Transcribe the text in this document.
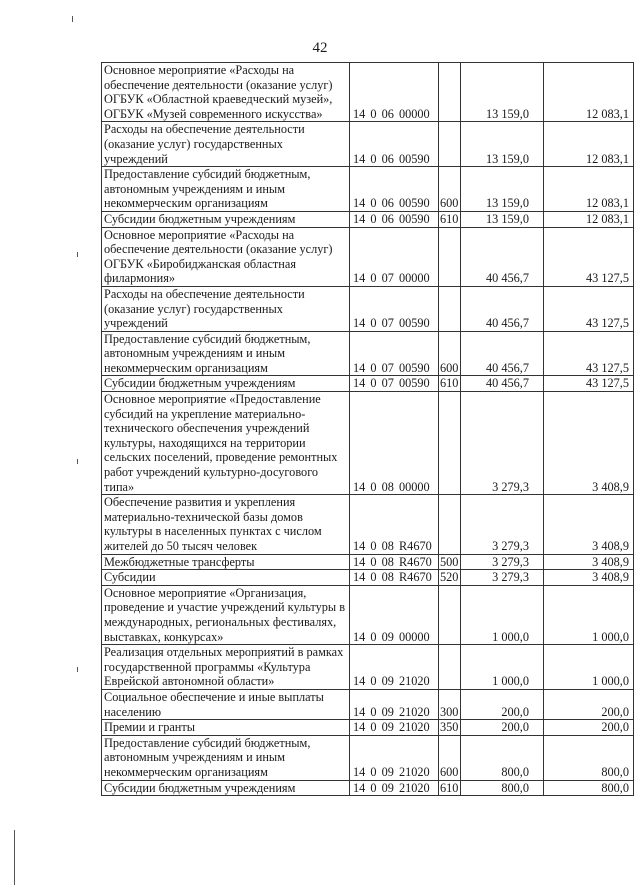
42
Основное мероприятие «Расходы на обеспечение деятельности (оказание услуг) ОГБУК «Областной краеведческий музей», ОГБУК «Музей современного искусства»	14 0 06 00000		13 159,0	12 083,1
Расходы на обеспечение деятельности (оказание услуг) государственных учреждений	14 0 06 00590		13 159,0	12 083,1
Предоставление субсидий бюджетным, автономным учреждениям и иным некоммерческим организациям	14 0 06 00590	600	13 159,0	12 083,1
Субсидии бюджетным учреждениям	14 0 06 00590	610	13 159,0	12 083,1
Основное мероприятие «Расходы на обеспечение деятельности (оказание услуг) ОГБУК «Биробиджанская областная филармония»	14 0 07 00000		40 456,7	43 127,5
Расходы на обеспечение деятельности (оказание услуг) государственных учреждений	14 0 07 00590		40 456,7	43 127,5
Предоставление субсидий бюджетным, автономным учреждениям и иным некоммерческим организациям	14 0 07 00590	600	40 456,7	43 127,5
Субсидии бюджетным учреждениям	14 0 07 00590	610	40 456,7	43 127,5
Основное мероприятие «Предоставление субсидий на укрепление материально-технического обеспечения учреждений культуры, находящихся на территории сельских поселений, проведение ремонтных работ учреждений культурно-досугового типа»	14 0 08 00000		3 279,3	3 408,9
Обеспечение развития и укрепления материально-технической базы домов культуры в населенных пунктах с числом жителей до 50 тысяч человек	14 0 08 R4670		3 279,3	3 408,9
Межбюджетные трансферты	14 0 08 R4670	500	3 279,3	3 408,9
Субсидии	14 0 08 R4670	520	3 279,3	3 408,9
Основное мероприятие «Организация, проведение и участие учреждений культуры в международных, региональных фестивалях, выставках, конкурсах»	14 0 09 00000		1 000,0	1 000,0
Реализация отдельных мероприятий в рамках государственной программы «Культура Еврейской автономной области»	14 0 09 21020		1 000,0	1 000,0
Социальное обеспечение и иные выплаты населению	14 0 09 21020	300	200,0	200,0
Премии и гранты	14 0 09 21020	350	200,0	200,0
Предоставление субсидий бюджетным, автономным учреждениям и иным некоммерческим организациям	14 0 09 21020	600	800,0	800,0
Субсидии бюджетным учреждениям	14 0 09 21020	610	800,0	800,0
